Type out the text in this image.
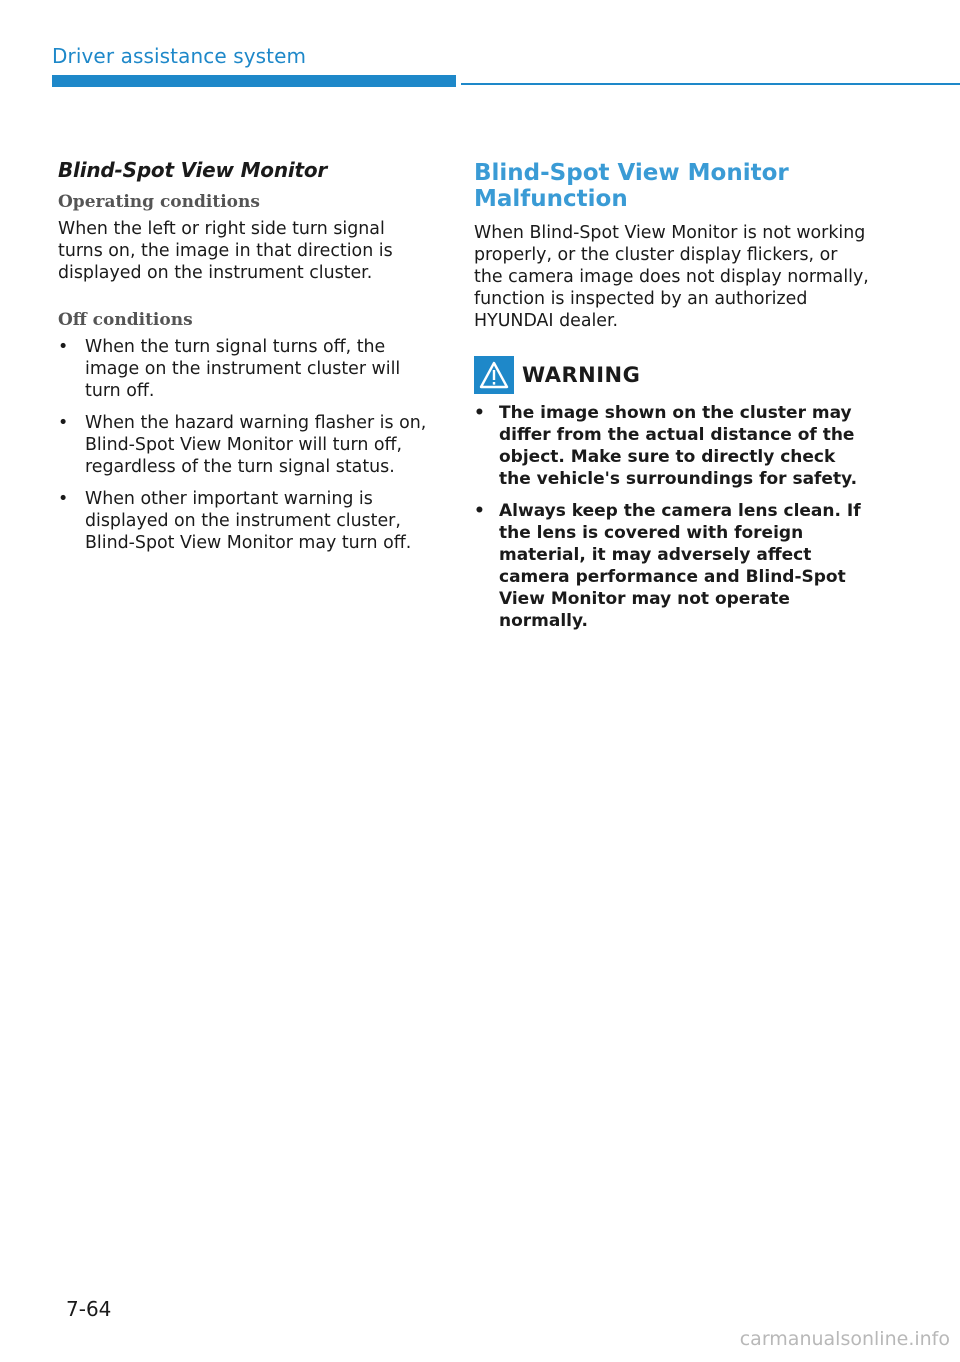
Driver assistance system
Blind-Spot View Monitor
Operating conditions

When the left or right side turn signal turns on, the image in that direction is displayed on the instrument cluster.

Off conditions
• When the turn signal turns off, the image on the instrument cluster will turn off.
• When the hazard warning flasher is on, Blind-Spot View Monitor will turn off, regardless of the turn signal status.
• When other important warning is displayed on the instrument cluster, Blind-Spot View Monitor may turn off.
Blind-Spot View Monitor Malfunction

When Blind-Spot View Monitor is not working properly, or the cluster display flickers, or the camera image does not display normally, function is inspected by an authorized HYUNDAI dealer.

WARNING
• The image shown on the cluster may differ from the actual distance of the object. Make sure to directly check the vehicle's surroundings for safety.
• Always keep the camera lens clean. If the lens is covered with foreign material, it may adversely affect camera performance and Blind-Spot View Monitor may not operate normally.
7-64
carmanualsonline.info
